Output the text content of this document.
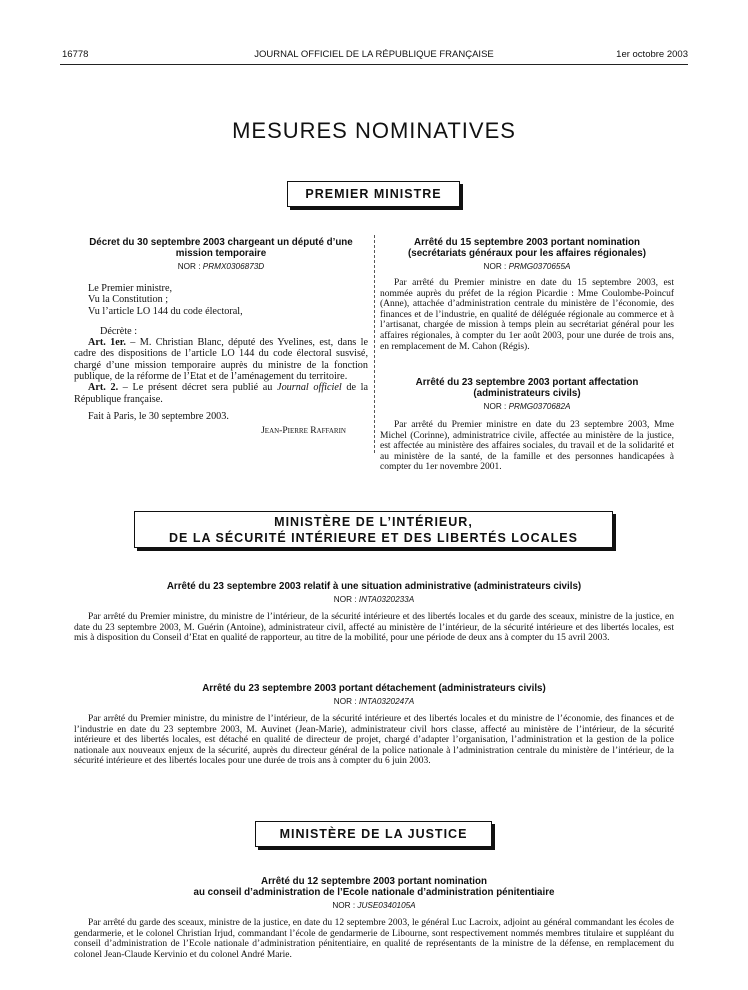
16778	JOURNAL OFFICIEL DE LA RÉPUBLIQUE FRANÇAISE	1er octobre 2003
MESURES NOMINATIVES
PREMIER MINISTRE
Décret du 30 septembre 2003 chargeant un député d’une mission temporaire
NOR : PRMX0306873D

Le Premier ministre,

Vu la Constitution ;

Vu l’article LO 144 du code électoral,

Décrète :

Art. 1er. – M. Christian Blanc, député des Yvelines, est, dans le cadre des dispositions de l’article LO 144 du code électoral susvisé, chargé d’une mission temporaire auprès du ministre de la fonction publique, de la réforme de l’Etat et de l’aménagement du territoire.

Art. 2. – Le présent décret sera publié au Journal officiel de la République française.

Fait à Paris, le 30 septembre 2003.

Jean-Pierre Raffarin
Arrêté du 15 septembre 2003 portant nomination (secrétariats généraux pour les affaires régionales)
NOR : PRMG0370655A

Par arrêté du Premier ministre en date du 15 septembre 2003, est nommée auprès du préfet de la région Picardie : Mme Coulombe-Poincuf (Anne), attachée d’administration centrale du ministère de l’économie, des finances et de l’industrie, en qualité de déléguée régionale au commerce et à l’artisanat, chargée de mission à temps plein au secrétariat général pour les affaires régionales, à compter du 1er août 2003, pour une durée de trois ans, en remplacement de M. Cahon (Régis).

Arrêté du 23 septembre 2003 portant affectation (administrateurs civils)
NOR : PRMG0370682A

Par arrêté du Premier ministre en date du 23 septembre 2003, Mme Michel (Corinne), administratrice civile, affectée au ministère de la justice, est affectée au ministère des affaires sociales, du travail et de la solidarité et au ministère de la santé, de la famille et des personnes handicapées à compter du 1er novembre 2001.

MINISTÈRE DE L’INTÉRIEUR,
DE LA SÉCURITÉ INTÉRIEURE ET DES LIBERTÉS LOCALES
Arrêté du 23 septembre 2003 relatif à une situation administrative (administrateurs civils)
NOR : INTA0320233A

Par arrêté du Premier ministre, du ministre de l’intérieur, de la sécurité intérieure et des libertés locales et du garde des sceaux, ministre de la justice, en date du 23 septembre 2003, M. Guérin (Antoine), administrateur civil, affecté au ministère de l’intérieur, de la sécurité intérieure et des libertés locales, est mis à disposition du Conseil d’Etat en qualité de rapporteur, au titre de la mobilité, pour une période de deux ans à compter du 15 avril 2003.

Arrêté du 23 septembre 2003 portant détachement (administrateurs civils)
NOR : INTA0320247A

Par arrêté du Premier ministre, du ministre de l’intérieur, de la sécurité intérieure et des libertés locales et du ministre de l’économie, des finances et de l’industrie en date du 23 septembre 2003, M. Auvinet (Jean-Marie), administrateur civil hors classe, affecté au ministère de l’intérieur, de la sécurité intérieure et des libertés locales, est détaché en qualité de directeur de projet, chargé d’adapter l’organisation, l’administration et la gestion de la police nationale aux nouveaux enjeux de la sécurité, auprès du directeur général de la police nationale à l’administration centrale du ministère de l’intérieur, de la sécurité intérieure et des libertés locales pour une durée de trois ans à compter du 6 juin 2003.

MINISTÈRE DE LA JUSTICE
Arrêté du 12 septembre 2003 portant nomination
au conseil d’administration de l’Ecole nationale d’administration pénitentiaire
NOR : JUSE0340105A

Par arrêté du garde des sceaux, ministre de la justice, en date du 12 septembre 2003, le général Luc Lacroix, adjoint au général commandant les écoles de gendarmerie, et le colonel Christian Irjud, commandant l’école de gendarmerie de Libourne, sont respectivement nommés membres titulaire et suppléant du conseil d’administration de l’Ecole nationale d’administration pénitentiaire, en qualité de représentants de la ministre de la défense, en remplacement du colonel Jean-Claude Kervinio et du colonel André Marie.
